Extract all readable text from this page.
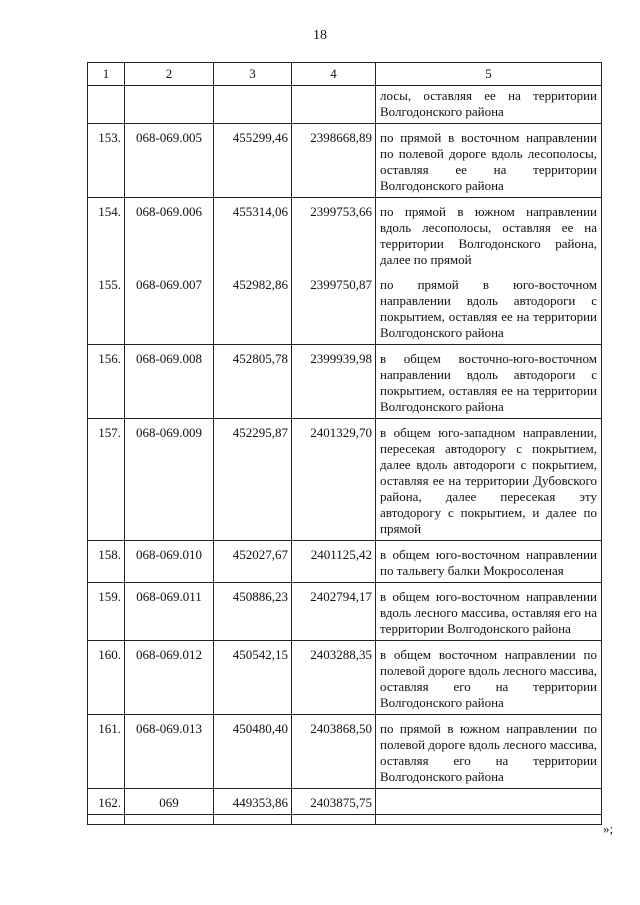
18
1	2	3	4	5
				лосы, оставляя ее на территории Волгодонского района
153.	068-069.005	455299,46	2398668,89	по прямой в восточном направлении по полевой дороге вдоль лесополосы, оставляя ее на территории Волгодонского района
154.	068-069.006	455314,06	2399753,66	по прямой в южном направлении вдоль лесополосы, оставляя ее на территории Волгодонского района, далее по прямой
155.	068-069.007	452982,86	2399750,87	по прямой в юго-восточном направлении вдоль автодороги с покрытием, оставляя ее на территории Волгодонского района
156.	068-069.008	452805,78	2399939,98	в общем восточно-юго-восточном направлении вдоль автодороги с покрытием, оставляя ее на территории Волгодонского района
157.	068-069.009	452295,87	2401329,70	в общем юго-западном направлении, пересекая автодорогу с покрытием, далее вдоль автодороги с покрытием, оставляя ее на территории Дубовского района, далее пересекая эту автодорогу с покрытием, и далее по прямой
158.	068-069.010	452027,67	2401125,42	в общем юго-восточном направлении по тальвегу балки Мокросоленая
159.	068-069.011	450886,23	2402794,17	в общем юго-восточном направлении вдоль лесного массива, оставляя его на территории Волгодонского района
160.	068-069.012	450542,15	2403288,35	в общем восточном направлении по полевой дороге вдоль лесного массива, оставляя его на территории Волгодонского района
161.	068-069.013	450480,40	2403868,50	по прямой в южном направлении по полевой дороге вдоль лесного массива, оставляя его на территории Волгодонского района
162.	069	449353,86	2403875,75	

»;
